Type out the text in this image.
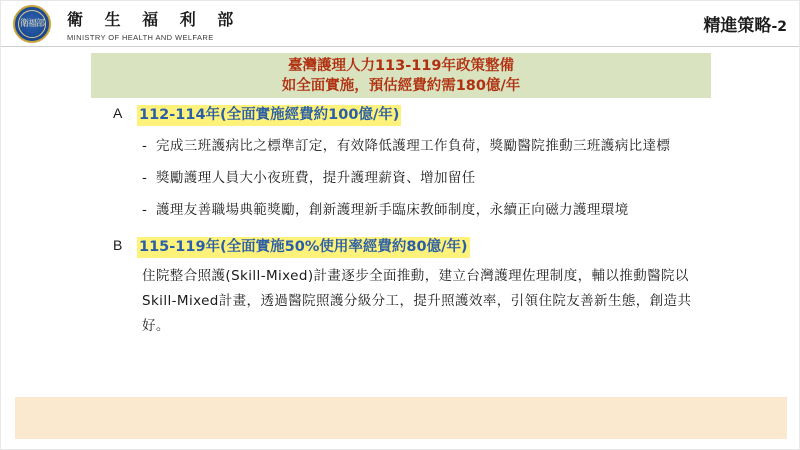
衛福部 衛 生 福 利 部
MINISTRY OF HEALTH AND WELFARE
精進策略-2
臺灣護理人力113-119年政策整備
如全面實施，預估經費約需180億/年
A 112-114年(全面實施經費約100億/年)
- 完成三班護病比之標準訂定，有效降低護理工作負荷，獎勵醫院推動三班護病比達標
- 獎勵護理人員大小夜班費，提升護理薪資、增加留任
- 護理友善職場典範獎勵，創新護理新手臨床教師制度，永續正向磁力護理環境
B 115-119年(全面實施50%使用率經費約80億/年)
住院整合照護(Skill-Mixed)計畫逐步全面推動，建立台灣護理佐理制度，輔以推動醫院以 Skill-Mixed計畫，透過醫院照護分級分工，提升照護效率，引領住院友善新生態，創造共好。
